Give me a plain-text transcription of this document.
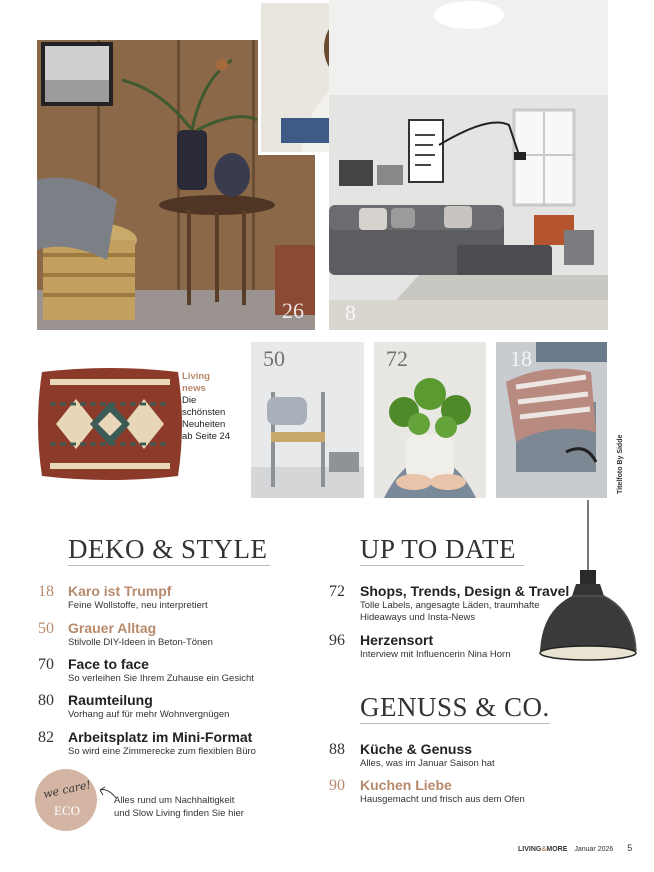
26 8
Living
news
Die
schönsten
Neuheiten
ab Seite 24
50	72	18
Titelfoto By Sidde
DEKO & STYLE
18 Karo ist Trumpf
Feine Wollstoffe, neu interpretiert
50 Grauer Alltag
Stilvolle DIY-Ideen in Beton-Tönen
70 Face to face
So verleihen Sie Ihrem Zuhause ein Gesicht
80 Raumteilung
Vorhang auf für mehr Wohnvergnügen
82 Arbeitsplatz im Mini-Format
So wird eine Zimmerecke zum flexiblen Büro
we care!
ECO
Alles rund um Nachhaltigkeit
und Slow Living finden Sie hier
UP TO DATE
72 Shops, Trends, Design & Travel
Tolle Labels, angesagte Läden, traumhafte
Hideaways und Insta-News
96 Herzensort
Interview mit Influencerin Nina Horn
GENUSS & CO.
88 Küche & Genuss
Alles, was im Januar Saison hat
90 Kuchen Liebe
Hausgemacht und frisch aus dem Ofen
LIVING&MORE Januar 2026 5
